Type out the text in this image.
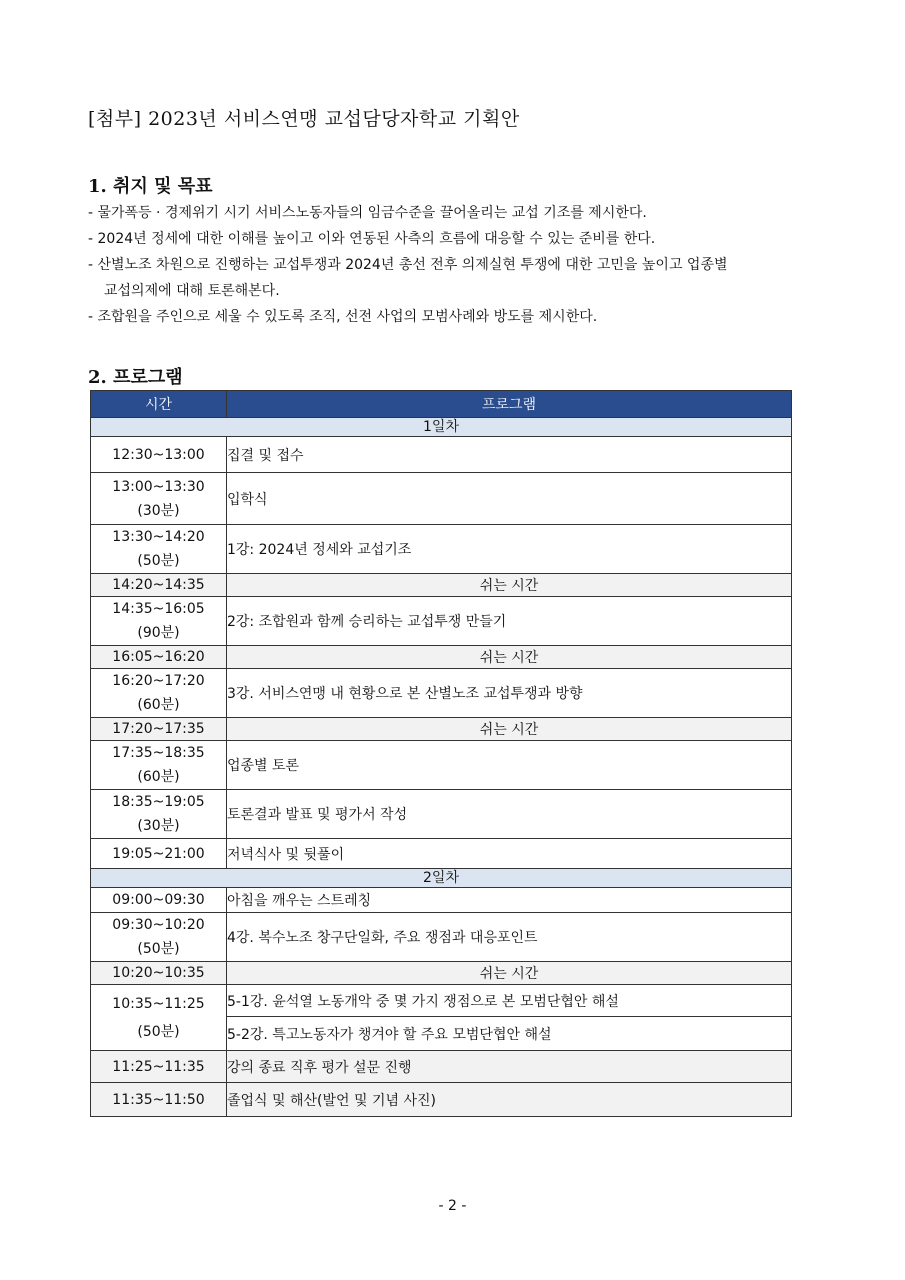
[첨부] 2023년 서비스연맹 교섭담당자학교 기획안
1. 취지 및 목표
- 물가폭등 · 경제위기 시기 서비스노동자들의 임금수준을 끌어올리는 교섭 기조를 제시한다.
- 2024년 정세에 대한 이해를 높이고 이와 연동된 사측의 흐름에 대응할 수 있는 준비를 한다.
- 산별노조 차원으로 진행하는 교섭투쟁과 2024년 총선 전후 의제실현 투쟁에 대한 고민을 높이고 업종별
교섭의제에 대해 토론해본다.
- 조합원을 주인으로 세울 수 있도록 조직, 선전 사업의 모범사례와 방도를 제시한다.
2. 프로그램
시간	프로그램
1일차	
12:30~13:00	집결 및 접수

13:00~13:30
(30분)	입학식

13:30~14:20
(50분)	1강: 2024년 정세와 교섭기조
14:20~14:35	쉬는 시간

14:35~16:05
(90분)	2강: 조합원과 함께 승리하는 교섭투쟁 만들기
16:05~16:20	쉬는 시간

16:20~17:20
(60분)	3강. 서비스연맹 내 현황으로 본 산별노조 교섭투쟁과 방향
17:20~17:35	쉬는 시간

17:35~18:35
(60분)	업종별 토론

18:35~19:05
(30분)	토론결과 발표 및 평가서 작성
19:05~21:00	저녁식사 및 뒷풀이
2일차	
09:00~09:30	아침을 깨우는 스트레칭

09:30~10:20
(50분)	4강. 복수노조 창구단일화, 주요 쟁점과 대응포인트
10:20~10:35	쉬는 시간

10:35~11:25
(50분)	5-1강. 윤석열 노동개악 중 몇 가지 쟁점으로 본 모범단협안 해설
	5-2강. 특고노동자가 챙겨야 할 주요 모범단협안 해설
11:25~11:35	강의 종료 직후 평가 설문 진행
11:35~11:50	졸업식 및 해산(발언 및 기념 사진)
- 2 -
